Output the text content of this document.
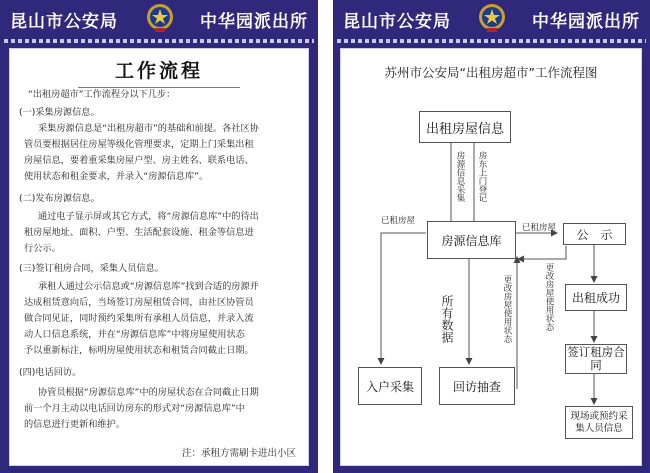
昆山市公安局	中华园派出所
工作流程

“出租房超市”工作流程分以下几步：

(一)采集房源信息。

采集房源信息是“出租房超市”的基础和前提。各社区协

管员要根据居住房屋等级化管理要求，定期上门采集出租

房屋信息，要着重采集房屋户型、房主姓名、联系电话、

使用状态和租金要求，并录入“房源信息库”。

(二)发布房源信息。

通过电子显示屏或其它方式，将“房源信息库”中的待出

租房屋地址、面积、户型、生活配套设施、租金等信息进

行公示。

(三)签订租房合同，采集人员信息。

承租人通过公示信息或“房源信息库”找到合适的房源并

达成租赁意向后，当场签订房屋租赁合同，由社区协管员

做合同见证，同时预约采集所有承租人员信息，并录入流

动人口信息系统，并在“房源信息库”中将房屋使用状态

予以重新标注，标明房屋使用状态和租赁合同截止日期。

(四)电话回访。

协管员根据“房源信息库”中的房屋状态在合同截止日期

前一个月主动以电话回访房东的形式对“房源信息库”中

的信息进行更新和维护。

注：承租方需刷卡进出小区
昆山市公安局	中华园派出所
苏州市公安局“出租房超市”工作流程图
出租房屋信息
房源信息库	公　示
出租成功
签订租房合同
现场或预约采集人员信息
入户采集	回访抽查
房源信息采集 房东上门登记
已租房屋
已租房屋
所有数据	更改房屋使用状态	更改房屋使用状态
